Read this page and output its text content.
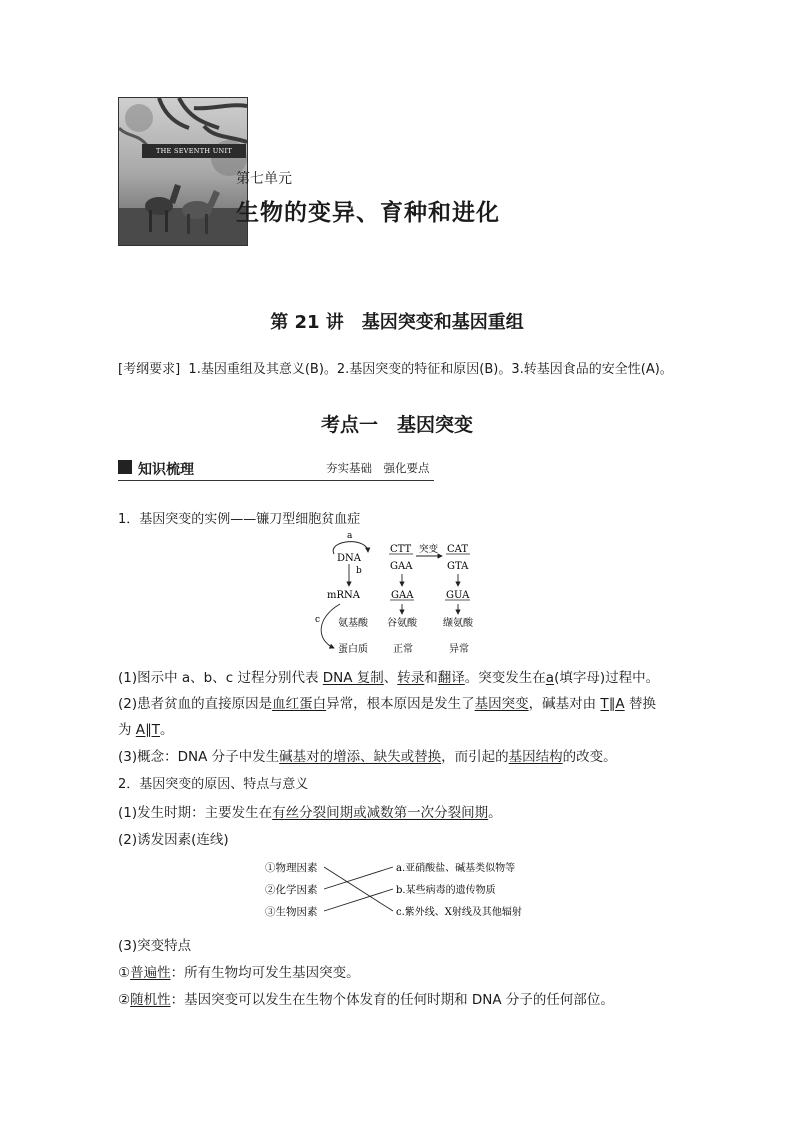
THE SEVENTH UNIT
第七单元
生物的变异、育种和进化
第 21 讲　基因突变和基因重组
[考纲要求] 1.基因重组及其意义(B)。2.基因突变的特征和原因(B)。3.转基因食品的安全性(A)。
考点一　基因突变
知识梳理	夯实基础　强化要点
1．基因突变的实例——镰刀型细胞贫血症
a
DNA
b
mRNA
c 氨基酸
蛋白质
CTT
GAA
突变 CAT
GTA
GAA	GUA
谷氨酸	缬氨酸
正常	异常
(1)图示中 a、b、c 过程分别代表 DNA 复制、转录和翻译。突变发生在a(填字母)过程中。
(2)患者贫血的直接原因是血红蛋白异常，根本原因是发生了基因突变，碱基对由 T∥A 替换
为 A∥T。
(3)概念：DNA 分子中发生碱基对的增添、缺失或替换，而引起的基因结构的改变。
2．基因突变的原因、特点与意义
(1)发生时期：主要发生在有丝分裂间期或减数第一次分裂间期。
(2)诱发因素(连线)
①物理因素
②化学因素
③生物因素
a.亚硝酸盐、碱基类似物等
b.某些病毒的遗传物质
c.紫外线、X射线及其他辐射
(3)突变特点
①普遍性：所有生物均可发生基因突变。
②随机性：基因突变可以发生在生物个体发育的任何时期和 DNA 分子的任何部位。
